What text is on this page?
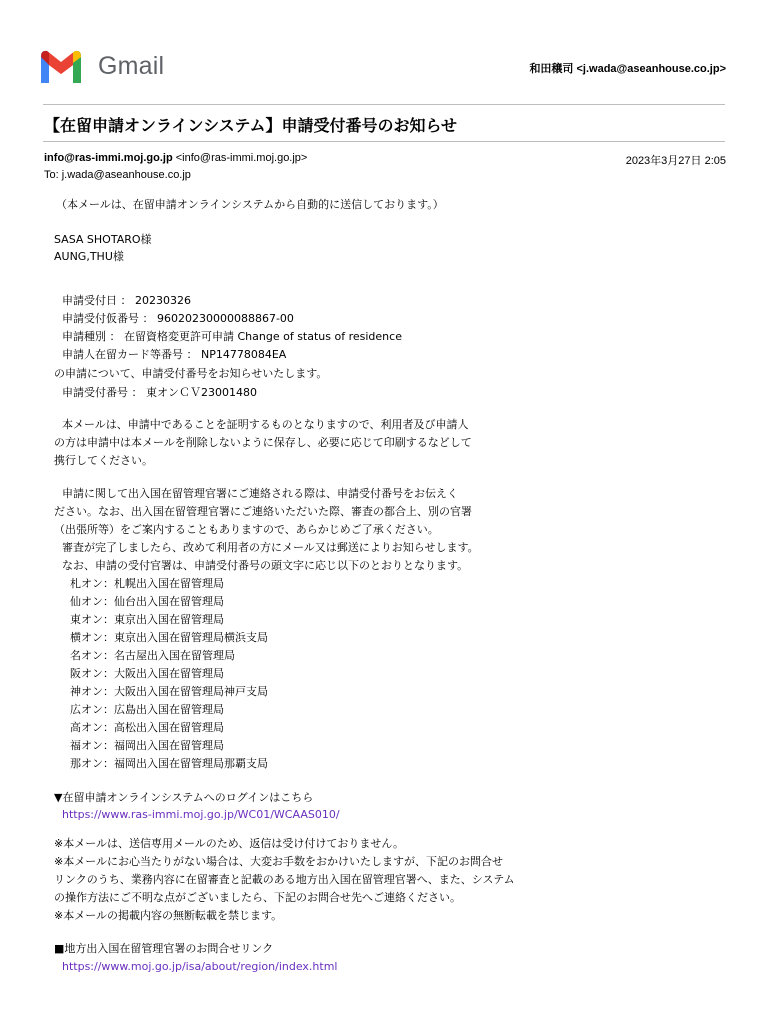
Gmail	和田穣司 <j.wada@aseanhouse.co.jp>
【在留申請オンラインシステム】申請受付番号のお知らせ
info@ras-immi.moj.go.jp <info@ras-immi.moj.go.jp>	2023年3月27日 2:05
To: j.wada@aseanhouse.co.jp
（本メールは、在留申請オンラインシステムから自動的に送信しております。）
SASA SHOTARO様
AUNG,THU様
申請受付日 ： 20230326
申請受付仮番号 ： 96020230000088867-00
申請種別 ： 在留資格変更許可申請 Change of status of residence
申請人在留カード等番号 ： NP14778084EA
の申請について、申請受付番号をお知らせいたします。
申請受付番号 ： 東オンＣＶ23001480
本メールは、申請中であることを証明するものとなりますので、利用者及び申請人
の方は申請中は本メールを削除しないように保存し、必要に応じて印刷するなどして
携行してください。
申請に関して出入国在留管理官署にご連絡される際は、申請受付番号をお伝えく
ださい。なお、出入国在留管理官署にご連絡いただいた際、審査の都合上、別の官署
（出張所等）をご案内することもありますので、あらかじめご了承ください。
審査が完了しましたら、改めて利用者の方にメール又は郵送によりお知らせします。
なお、申請の受付官署は、申請受付番号の頭文字に応じ以下のとおりとなります。
札オン：札幌出入国在留管理局
仙オン：仙台出入国在留管理局
東オン：東京出入国在留管理局
横オン：東京出入国在留管理局横浜支局
名オン：名古屋出入国在留管理局
阪オン：大阪出入国在留管理局
神オン：大阪出入国在留管理局神戸支局
広オン：広島出入国在留管理局
高オン：高松出入国在留管理局
福オン：福岡出入国在留管理局
那オン：福岡出入国在留管理局那覇支局
▼在留申請オンラインシステムへのログインはこちら
https://www.ras-immi.moj.go.jp/WC01/WCAAS010/
※本メールは、送信専用メールのため、返信は受け付けておりません。
※本メールにお心当たりがない場合は、大変お手数をおかけいたしますが、下記のお問合せ
リンクのうち、業務内容に在留審査と記載のある地方出入国在留管理官署へ、また、システム
の操作方法にご不明な点がございましたら、下記のお問合せ先へご連絡ください。
※本メールの掲載内容の無断転載を禁じます。
■地方出入国在留管理官署のお問合せリンク
https://www.moj.go.jp/isa/about/region/index.html
